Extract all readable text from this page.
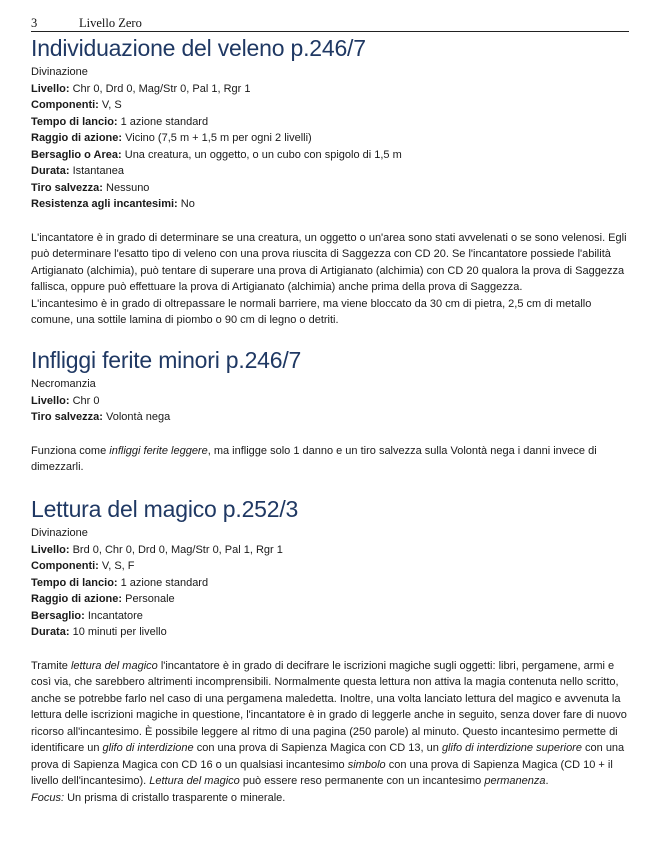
3	Livello Zero
Individuazione del veleno p.246/7
Divinazione
Livello: Chr 0, Drd 0, Mag/Str 0, Pal 1, Rgr 1
Componenti: V, S
Tempo di lancio: 1 azione standard
Raggio di azione: Vicino (7,5 m + 1,5 m per ogni 2 livelli)
Bersaglio o Area: Una creatura, un oggetto, o un cubo con spigolo di 1,5 m
Durata: Istantanea
Tiro salvezza: Nessuno
Resistenza agli incantesimi: No
L'incantatore è in grado di determinare se una creatura, un oggetto o un'area sono stati avvelenati o se sono velenosi. Egli può determinare l'esatto tipo di veleno con una prova riuscita di Saggezza con CD 20. Se l'incantatore possiede l'abilità Artigianato (alchimia), può tentare di superare una prova di Artigianato (alchimia) con CD 20 qualora la prova di Saggezza fallisca, oppure può effettuare la prova di Artigianato (alchimia) anche prima della prova di Saggezza.
L'incantesimo è in grado di oltrepassare le normali barriere, ma viene bloccato da 30 cm di pietra, 2,5 cm di metallo comune, una sottile lamina di piombo o 90 cm di legno o detriti.
Infliggi ferite minori p.246/7
Necromanzia
Livello: Chr 0
Tiro salvezza: Volontà nega
Funziona come infliggi ferite leggere, ma infligge solo 1 danno e un tiro salvezza sulla Volontà nega i danni invece di dimezzarli.
Lettura del magico p.252/3
Divinazione
Livello: Brd 0, Chr 0, Drd 0, Mag/Str 0, Pal 1, Rgr 1
Componenti: V, S, F
Tempo di lancio: 1 azione standard
Raggio di azione: Personale
Bersaglio: Incantatore
Durata: 10 minuti per livello
Tramite lettura del magico l'incantatore è in grado di decifrare le iscrizioni magiche sugli oggetti: libri, pergamene, armi e così via, che sarebbero altrimenti incomprensibili. Normalmente questa lettura non attiva la magia contenuta nello scritto, anche se potrebbe farlo nel caso di una pergamena maledetta. Inoltre, una volta lanciato lettura del magico e avvenuta la lettura delle iscrizioni magiche in questione, l'incantatore è in grado di leggerle anche in seguito, senza dover fare di nuovo ricorso all'incantesimo. È possibile leggere al ritmo di una pagina (250 parole) al minuto. Questo incantesimo permette di identificare un glifo di interdizione con una prova di Sapienza Magica con CD 13, un glifo di interdizione superiore con una prova di Sapienza Magica con CD 16 o un qualsiasi incantesimo simbolo con una prova di Sapienza Magica (CD 10 + il livello dell'incantesimo). Lettura del magico può essere reso permanente con un incantesimo permanenza.
Focus: Un prisma di cristallo trasparente o minerale.
